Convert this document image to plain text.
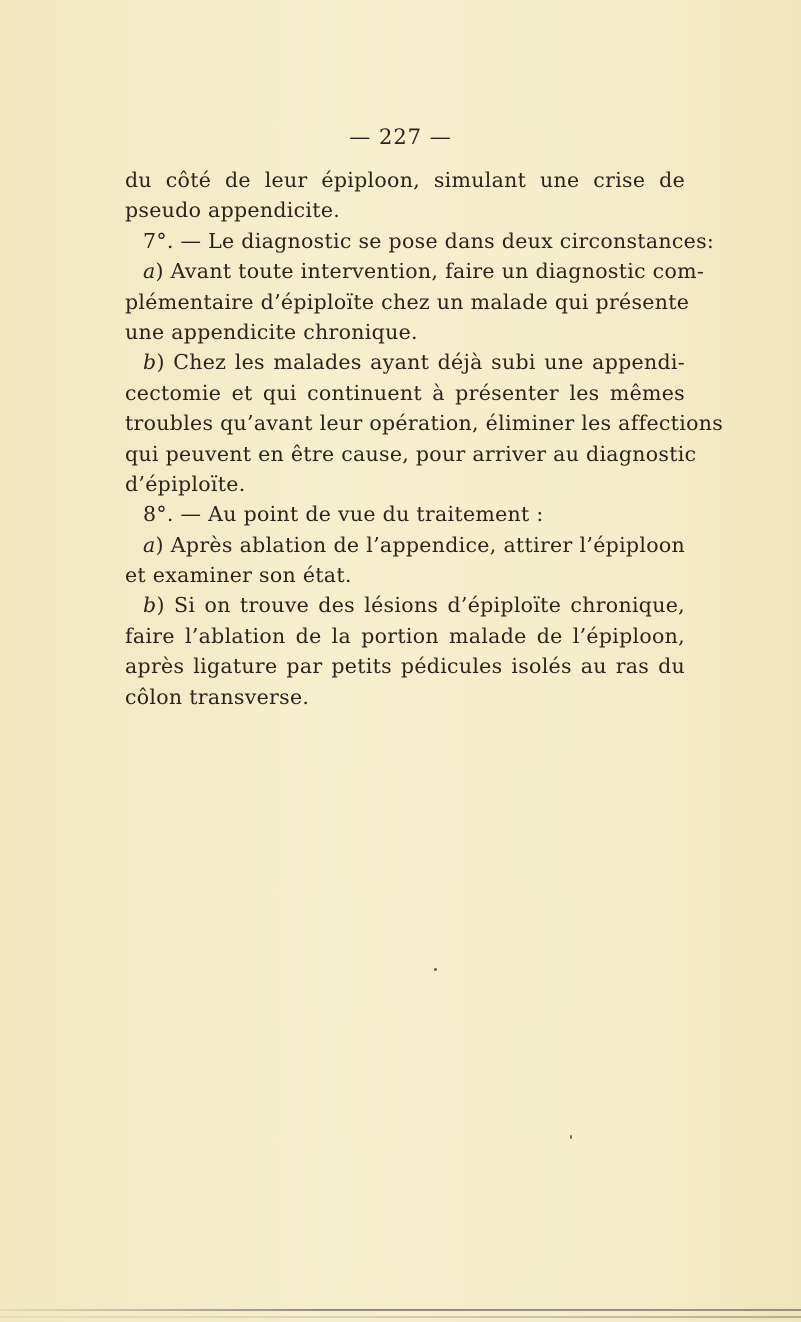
— 227 —
du côté de leur épiploon, simulant une crise de
pseudo appendicite.
7°. — Le diagnostic se pose dans deux circonstances:
a) Avant toute intervention, faire un diagnostic com-
plémentaire d’épiploïte chez un malade qui présente
une appendicite chronique.
b) Chez les malades ayant déjà subi une appendi-
cectomie et qui continuent à présenter les mêmes
troubles qu’avant leur opération, éliminer les affections
qui peuvent en être cause, pour arriver au diagnostic
d’épiploïte.
8°. — Au point de vue du traitement :
a) Après ablation de l’appendice, attirer l’épiploon
et examiner son état.
b) Si on trouve des lésions d’épiploïte chronique,
faire l’ablation de la portion malade de l’épiploon,
après ligature par petits pédicules isolés au ras du
côlon transverse.
